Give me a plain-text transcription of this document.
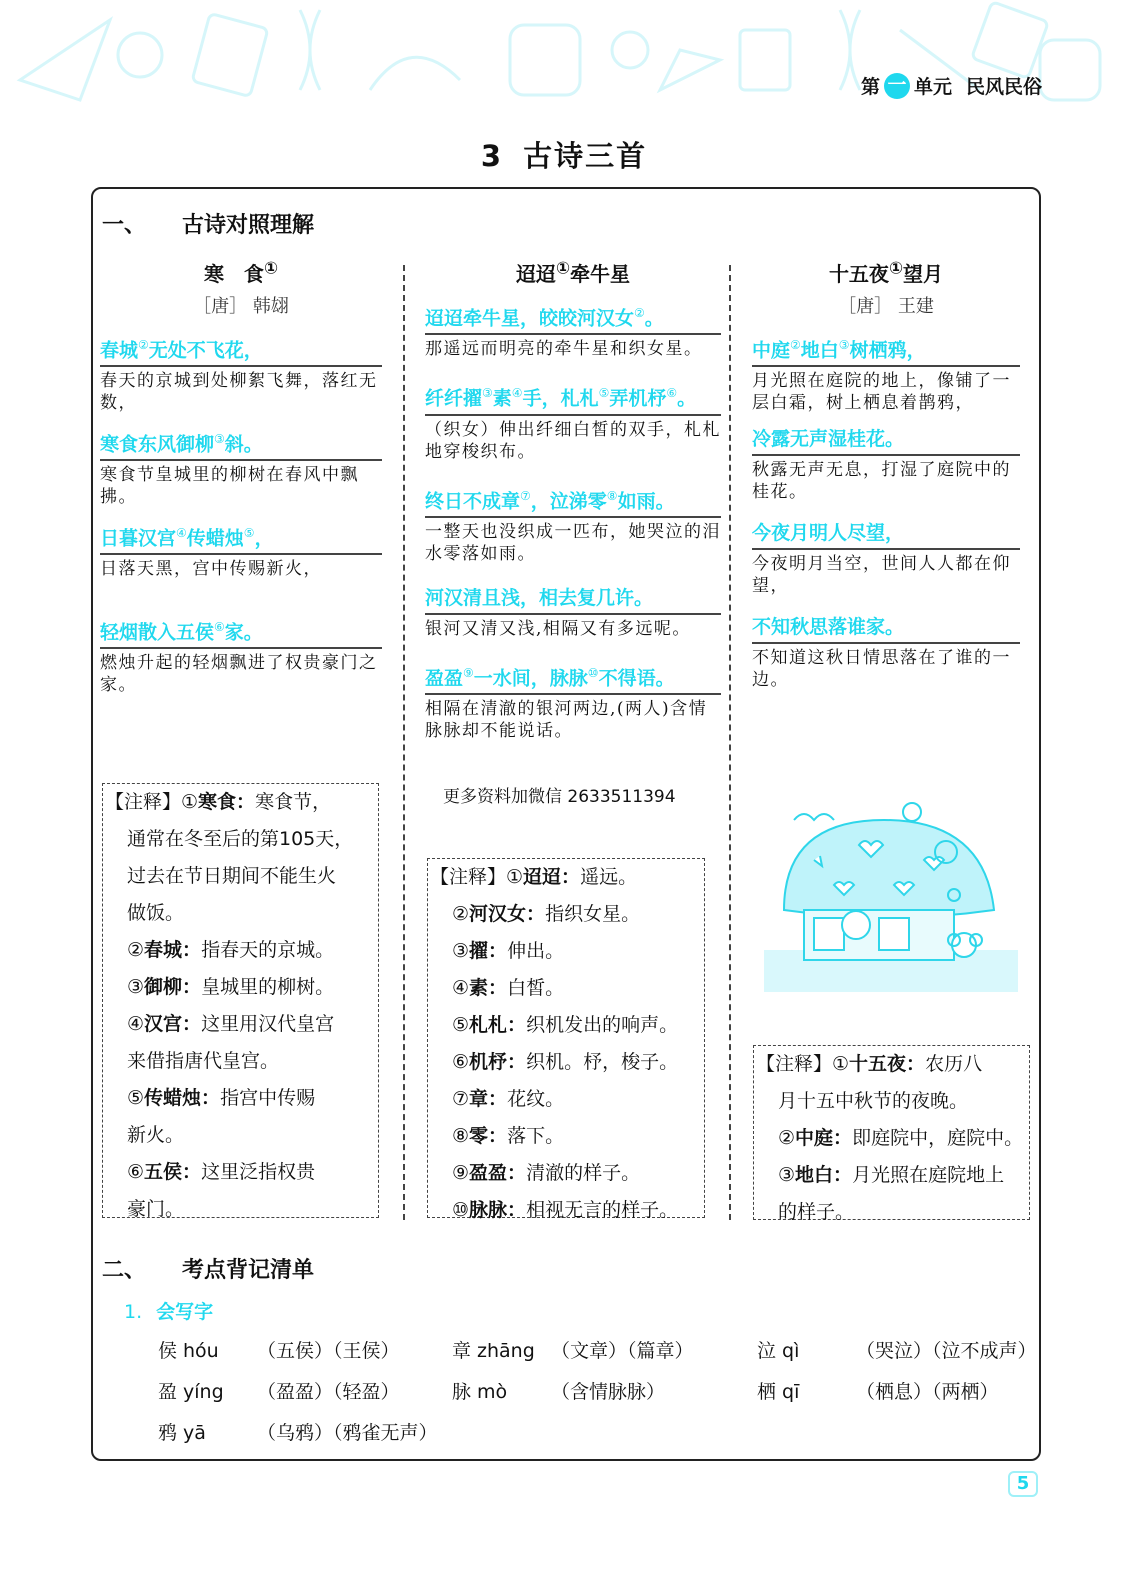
第 一 单元 民风民俗
3 古诗三首
一、 古诗对照理解
寒　食①
［唐］ 韩翃
春城②无处不飞花，
春天的京城到处柳絮飞舞，落红无数，
寒食东风御柳③斜。
寒食节皇城里的柳树在春风中飘拂。
日暮汉宫④传蜡烛⑤，
日落天黑，宫中传赐新火，
轻烟散入五侯⑥家。
燃烛升起的轻烟飘进了权贵豪门之家。
迢迢①牵牛星
迢迢牵牛星，皎皎河汉女②。
那遥远而明亮的牵牛星和织女星。
纤纤擢③素④手，札札⑤弄机杼⑥。
（织女）伸出纤细白皙的双手，札札地穿梭织布。
终日不成章⑦，泣涕零⑧如雨。
一整天也没织成一匹布，她哭泣的泪水零落如雨。
河汉清且浅，相去复几许。
银河又清又浅,相隔又有多远呢。
盈盈⑨一水间，脉脉⑩不得语。
相隔在清澈的银河两边,(两人)含情脉脉却不能说话。
十五夜①望月
［唐］ 王建
中庭②地白③树栖鸦，
月光照在庭院的地上，像铺了一层白霜，树上栖息着鹊鸦，
冷露无声湿桂花。
秋露无声无息，打湿了庭院中的桂花。
今夜月明人尽望，
今夜明月当空，世间人人都在仰望，
不知秋思落谁家。
不知道这秋日情思落在了谁的一边。
【注释】①寒食：寒食节，
通常在冬至后的第105天，
过去在节日期间不能生火
做饭。
②春城：指春天的京城。
③御柳：皇城里的柳树。
④汉宫：这里用汉代皇宫
来借指唐代皇宫。
⑤传蜡烛：指宫中传赐
新火。
⑥五侯：这里泛指权贵
豪门。
【注释】①迢迢：遥远。
②河汉女：指织女星。
③擢：伸出。
④素：白皙。
⑤札札：织机发出的响声。
⑥机杼：织机。杼，梭子。
⑦章：花纹。
⑧零：落下。
⑨盈盈：清澈的样子。
⑩脉脉：相视无言的样子。
【注释】①十五夜：农历八
月十五中秋节的夜晚。
②中庭：即庭院中，庭院中。
③地白：月光照在庭院地上
的样子。
更多资料加微信 2633511394
二、 考点背记清单
1. 会写字
5
侯 hóu （五侯）（王侯）	章 zhāng （文章）（篇章）	泣 qì	（哭泣）（泣不成声）
盈 yíng （盈盈）（轻盈）	脉 mò （含情脉脉）	栖 qī	（栖息）（两栖）
鸦 yā	（乌鸦）（鸦雀无声）
